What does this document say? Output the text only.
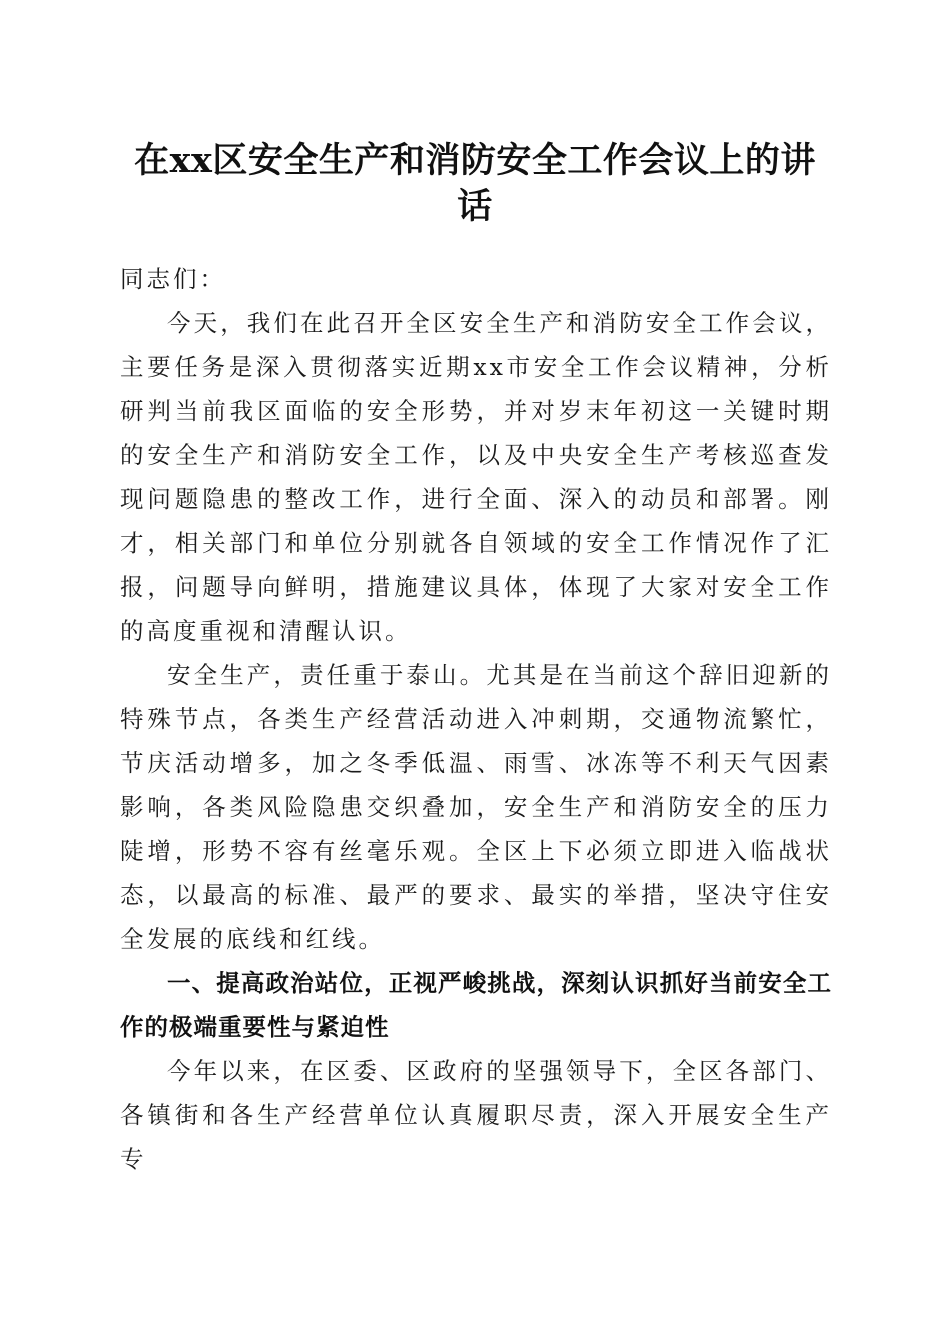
在xx区安全生产和消防安全工作会议上的讲话

同志们：

今天，我们在此召开全区安全生产和消防安全工作会议，主要任务是深入贯彻落实近期xx市安全工作会议精神，分析研判当前我区面临的安全形势，并对岁末年初这一关键时期的安全生产和消防安全工作，以及中央安全生产考核巡查发现问题隐患的整改工作，进行全面、深入的动员和部署。刚才，相关部门和单位分别就各自领域的安全工作情况作了汇报，问题导向鲜明，措施建议具体，体现了大家对安全工作的高度重视和清醒认识。

安全生产，责任重于泰山。尤其是在当前这个辞旧迎新的特殊节点，各类生产经营活动进入冲刺期，交通物流繁忙，节庆活动增多，加之冬季低温、雨雪、冰冻等不利天气因素影响，各类风险隐患交织叠加，安全生产和消防安全的压力陡增，形势不容有丝毫乐观。全区上下必须立即进入临战状态，以最高的标准、最严的要求、最实的举措，坚决守住安全发展的底线和红线。

一、提高政治站位，正视严峻挑战，深刻认识抓好当前安全工作的极端重要性与紧迫性

今年以来，在区委、区政府的坚强领导下，全区各部门、各镇街和各生产经营单位认真履职尽责，深入开展安全生产专
